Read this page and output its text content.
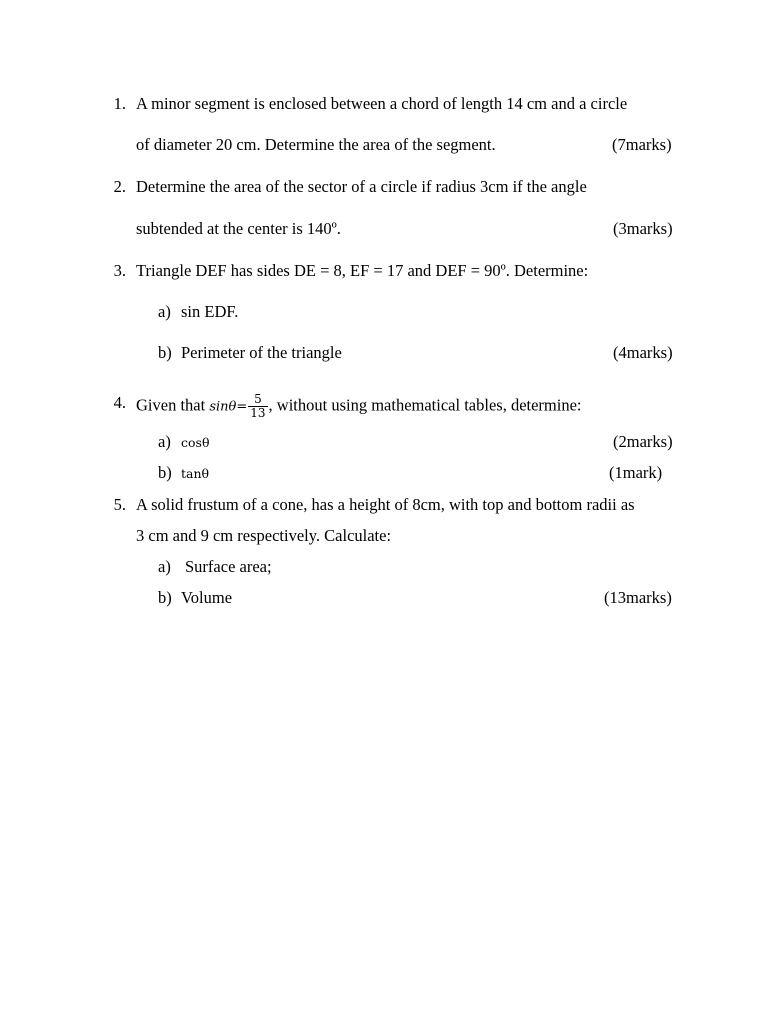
1. A minor segment is enclosed between a chord of length 14 cm and a circle
of diameter 20 cm. Determine the area of the segment.	(7marks)
2. Determine the area of the sector of a circle if radius 3cm if the angle
subtended at the center is 140º.	(3marks)
3. Triangle DEF has sides DE = 8, EF = 17 and DEF = 90º. Determine:
a) sin EDF.
b) Perimeter of the triangle	(4marks)
4. Given that $\sin\theta= \frac{5}{13}$ , without using mathematical tables, determine:
a) cosθ	(2marks)
b) tanθ	(1mark)
5. A solid frustum of a cone, has a height of 8cm, with top and bottom radii as
3 cm and 9 cm respectively. Calculate:
a) Surface area;
b) Volume	(13marks)
